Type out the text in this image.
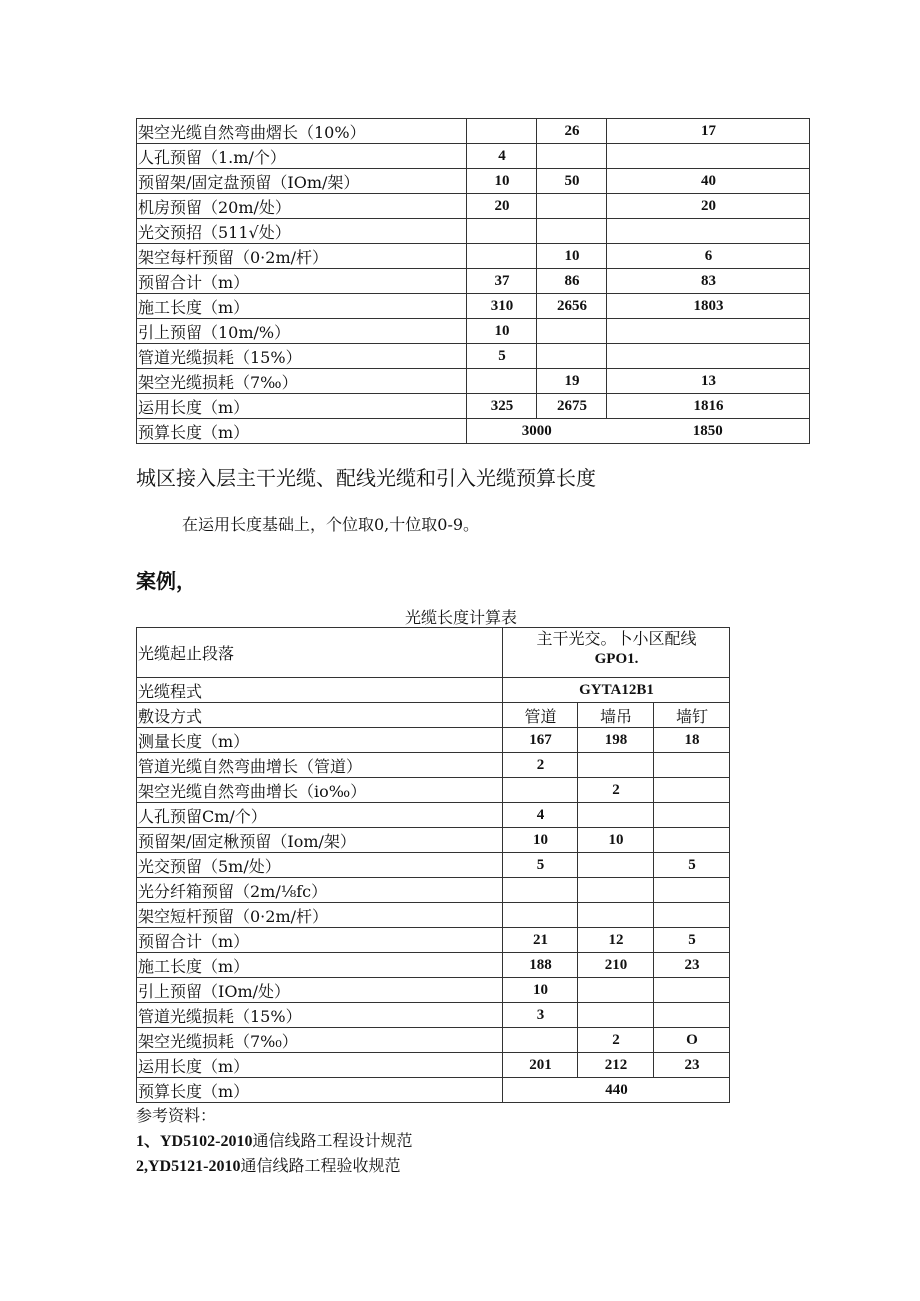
架空光缆自然弯曲熠长（10%）		26	17
人孔预留（1.m/个）	4		
预留架/固定盘预留（IOm/架）	10	50	40
机房预留（20m/处）	20		20
光交预招（511√处）			
架空每杆预留（0·2m/杆）		10	6
预留合计（m）	37	86	83
施工长度（m）	310	2656	1803
引上预留（10m/%）	10		
管道光缆损耗（15%）	5		
架空光缆损耗（7‰）		19	13
运用长度（m）	325	2675	1816
预算长度（m）	3000 1850		
城区接入层主干光缆、配线光缆和引入光缆预算长度
在运用长度基础上，个位取0,十位取0-9。
案例，
光缆长度计算表
光缆起止段落	主干光交。卜小区配线
GPO1.		

光缆程式	GYTA12B1		
敷设方式	管道	墙吊	墙钉
测量长度（m）	167	198	18
管道光缆自然弯曲增长（管道）	2		
架空光缆自然弯曲增长（io‰）		2	
人孔预留Cm/个）	4		
预留架/固定楸预留（Iom/架）	10	10	
光交预留（5m/处）	5		5
光分纤箱预留（2m/⅛fc）			
架空短杆预留（0·2m/杆）			
预留合计（m）	21	12	5
施工长度（m）	188	210	23
引上预留（IOm/处）	10		
管道光缆损耗（15%）	3		
架空光缆损耗（7%₀）		2	O
运用长度（m）	201	212	23
预算长度（m）	440		
参考资料：
1、YD5102-2010通信线路工程设计规范
2,YD5121-2010通信线路工程验收规范
